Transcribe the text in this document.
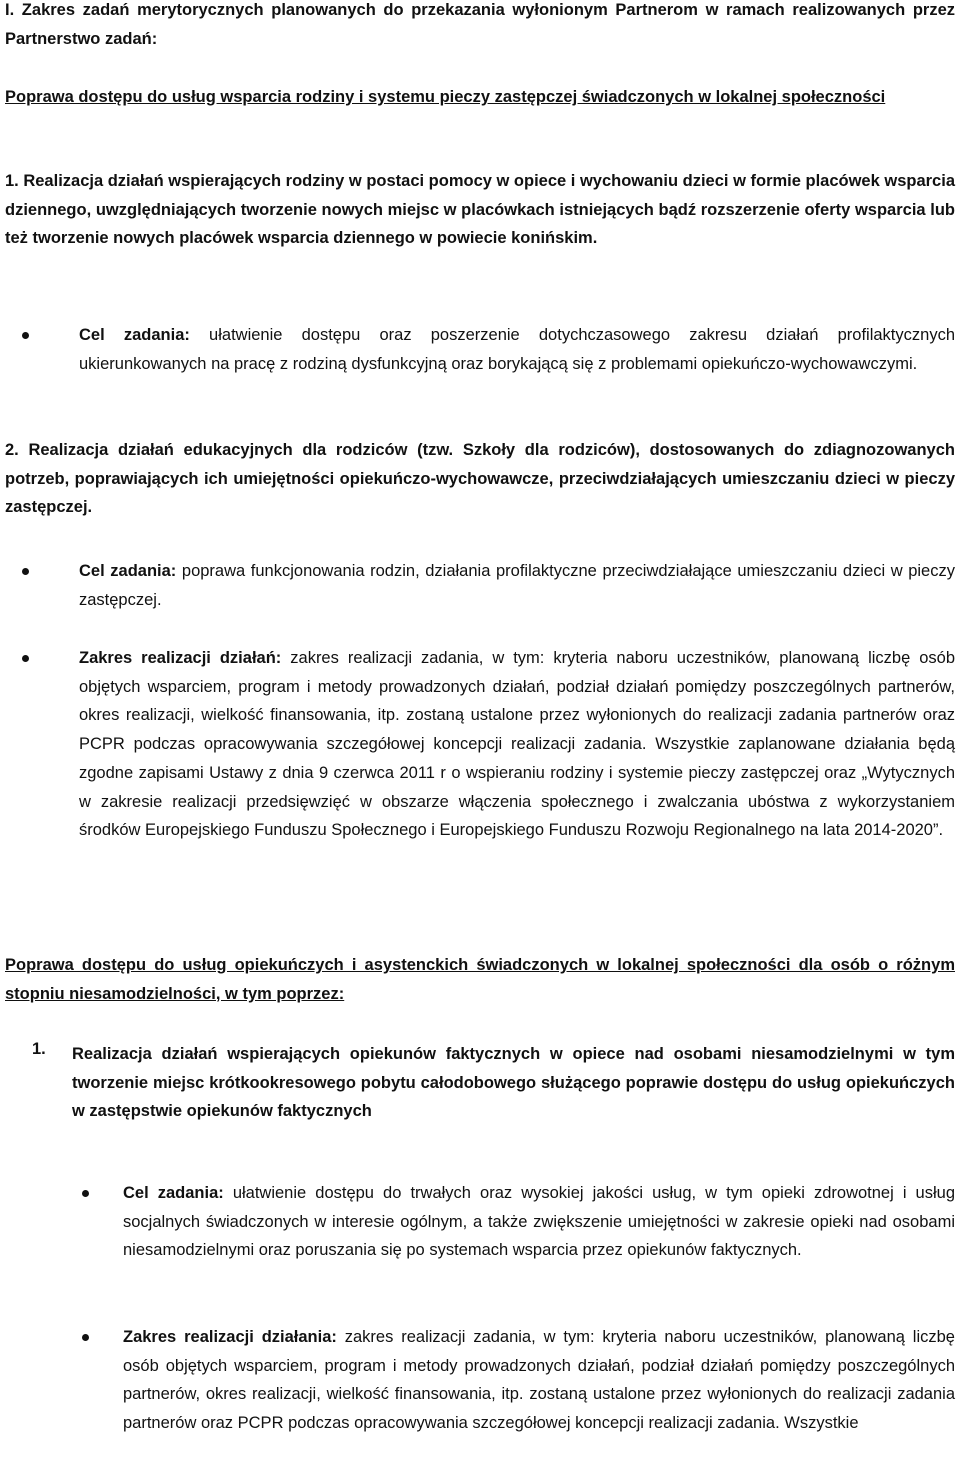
I. Zakres zadań merytorycznych planowanych do przekazania wyłonionym Partnerom w ramach realizowanych przez Partnerstwo zadań:

Poprawa dostępu do usług wsparcia rodziny i systemu pieczy zastępczej świadczonych w lokalnej społeczności

1. Realizacja działań wspierających rodziny w postaci pomocy w opiece i wychowaniu dzieci w formie placówek wsparcia dziennego, uwzględniających tworzenie nowych miejsc w placówkach istniejących bądź rozszerzenie oferty wsparcia lub też tworzenie nowych placówek wsparcia dziennego w powiecie konińskim.

Cel zadania: ułatwienie dostępu oraz poszerzenie dotychczasowego zakresu działań profilaktycznych ukierunkowanych na pracę z rodziną dysfunkcyjną oraz borykającą się z problemami opiekuńczo-wychowawczymi.

2. Realizacja działań edukacyjnych dla rodziców (tzw. Szkoły dla rodziców), dostosowanych do zdiagnozowanych potrzeb, poprawiających ich umiejętności opiekuńczo-wychowawcze, przeciwdziałających umieszczaniu dzieci w pieczy zastępczej.

Cel zadania: poprawa funkcjonowania rodzin, działania profilaktyczne przeciwdziałające umieszczaniu dzieci w pieczy zastępczej.

Zakres realizacji działań: zakres realizacji zadania, w tym: kryteria naboru uczestników, planowaną liczbę osób objętych wsparciem, program i metody prowadzonych działań, podział działań pomiędzy poszczególnych partnerów, okres realizacji, wielkość finansowania, itp. zostaną ustalone przez wyłonionych do realizacji zadania partnerów oraz PCPR podczas opracowywania szczegółowej koncepcji realizacji zadania. Wszystkie zaplanowane działania będą zgodne zapisami Ustawy z dnia 9 czerwca 2011 r o wspieraniu rodziny i systemie pieczy zastępczej oraz „Wytycznych w zakresie realizacji przedsięwzięć w obszarze włączenia społecznego i zwalczania ubóstwa z wykorzystaniem środków Europejskiego Funduszu Społecznego i Europejskiego Funduszu Rozwoju Regionalnego na lata 2014-2020”.

Poprawa dostępu do usług opiekuńczych i asystenckich świadczonych w lokalnej społeczności dla osób o różnym stopniu niesamodzielności, w tym poprzez:

1. Realizacja działań wspierających opiekunów faktycznych w opiece nad osobami niesamodzielnymi w tym tworzenie miejsc krótkookresowego pobytu całodobowego służącego poprawie dostępu do usług opiekuńczych w zastępstwie opiekunów faktycznych

Cel zadania: ułatwienie dostępu do trwałych oraz wysokiej jakości usług, w tym opieki zdrowotnej i usług socjalnych świadczonych w interesie ogólnym, a także zwiększenie umiejętności w zakresie opieki nad osobami niesamodzielnymi oraz poruszania się po systemach wsparcia przez opiekunów faktycznych.

Zakres realizacji działania: zakres realizacji zadania, w tym: kryteria naboru uczestników, planowaną liczbę osób objętych wsparciem, program i metody prowadzonych działań, podział działań pomiędzy poszczególnych partnerów, okres realizacji, wielkość finansowania, itp. zostaną ustalone przez wyłonionych do realizacji zadania partnerów oraz PCPR podczas opracowywania szczegółowej koncepcji realizacji zadania. Wszystkie
